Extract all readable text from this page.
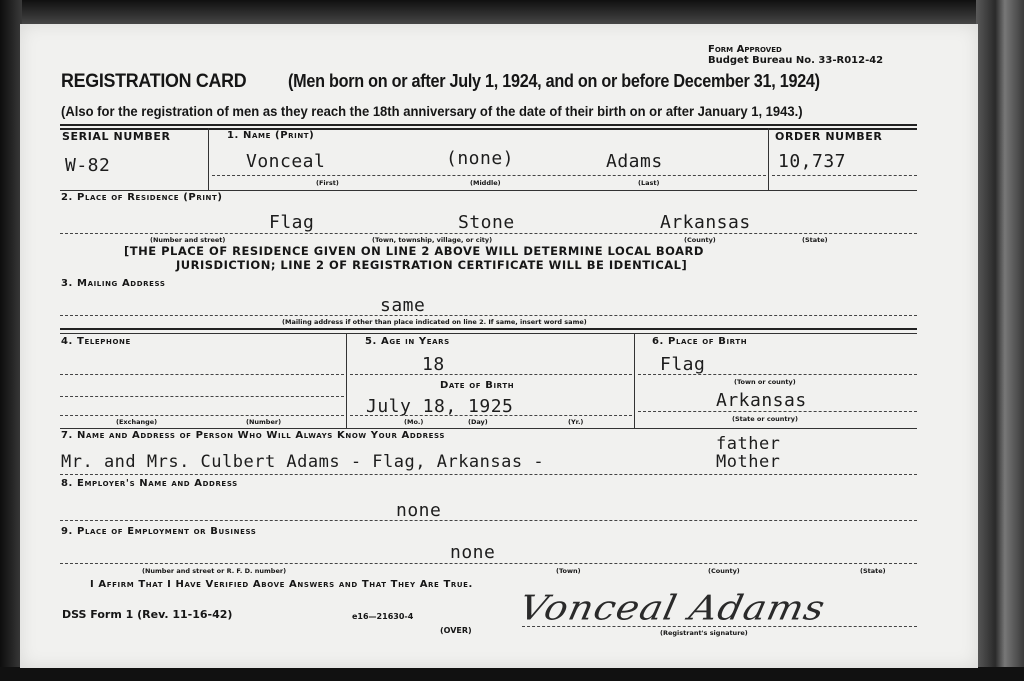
Form Approved
Budget Bureau No. 33-R012-42
REGISTRATION CARD (Men born on or after July 1, 1924, and on or before December 31, 1924)
(Also for the registration of men as they reach the 18th anniversary of the date of their birth on or after January 1, 1943.)
SERIAL NUMBER
W-82
1. Name (Print)
Vonceal	(none)	Adams
(First)	(Middle)	(Last)
ORDER NUMBER
10,737
2. Place of Residence (Print)
Flag	Stone	Arkansas
(Number and street)	(Town, township, village, or city)	(County)	(State)
[THE PLACE OF RESIDENCE GIVEN ON LINE 2 ABOVE WILL DETERMINE LOCAL BOARD
JURISDICTION; LINE 2 OF REGISTRATION CERTIFICATE WILL BE IDENTICAL]
3. Mailing Address
same
(Mailing address if other than place indicated on line 2. If same, insert word same)
4. Telephone
(Exchange)	(Number)
5. Age in Years
18
Date of Birth
July 18, 1925
(Mo.)	(Day)	(Yr.)
6. Place of Birth
Flag
(Town or county)
Arkansas
(State or country)
7. Name and Address of Person Who Will Always Know Your Address
Mr. and Mrs. Culbert Adams - Flag, Arkansas -
father
Mother
8. Employer's Name and Address
none
9. Place of Employment or Business
none
(Number and street or R. F. D. number)	(Town)	(County)	(State)
I Affirm That I Have Verified Above Answers and That They Are True.
DSS Form 1 (Rev. 11-16-42)	e16—21630-4
(OVER)
Vonceal Adams
(Registrant's signature)
